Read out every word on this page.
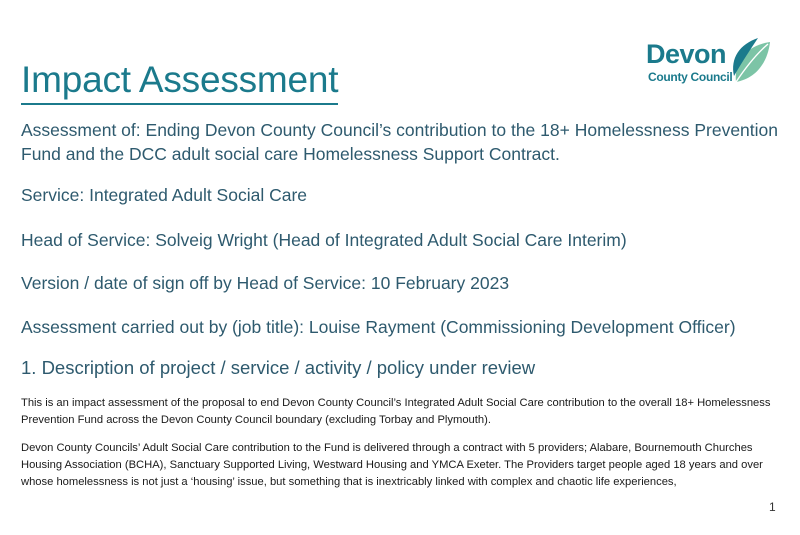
Impact Assessment
Devon
County Council

Assessment of: Ending Devon County Council’s contribution to the 18+ Homelessness Prevention Fund and the DCC adult social care Homelessness Support Contract.

Service: Integrated Adult Social Care

Head of Service: Solveig Wright (Head of Integrated Adult Social Care Interim)

Version / date of sign off by Head of Service: 10 February 2023

Assessment carried out by (job title): Louise Rayment (Commissioning Development Officer)

1. Description of project / service / activity / policy under review

This is an impact assessment of the proposal to end Devon County Council’s Integrated Adult Social Care contribution to the overall 18+ Homelessness Prevention Fund across the Devon County Council boundary (excluding Torbay and Plymouth).

Devon County Councils’ Adult Social Care contribution to the Fund is delivered through a contract with 5 providers; Alabare, Bournemouth Churches Housing Association (BCHA), Sanctuary Supported Living, Westward Housing and YMCA Exeter. The Providers target people aged 18 years and over whose homelessness is not just a ‘housing’ issue, but something that is inextricably linked with complex and chaotic life experiences,

1
